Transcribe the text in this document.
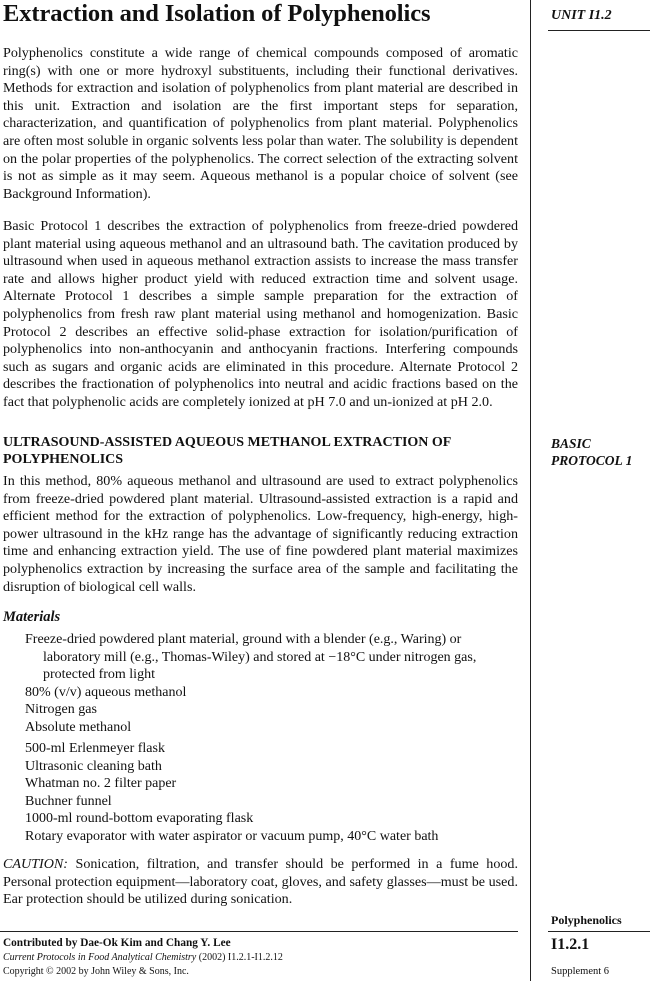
Extraction and Isolation of Polyphenolics

Polyphenolics constitute a wide range of chemical compounds composed of aromatic ring(s) with one or more hydroxyl substituents, including their functional derivatives. Methods for extraction and isolation of polyphenolics from plant material are described in this unit. Extraction and isolation are the first important steps for separation, characterization, and quantification of polyphenolics from plant material. Polyphenolics are often most soluble in organic solvents less polar than water. The solubility is dependent on the polar properties of the polyphenolics. The correct selection of the extracting solvent is not as simple as it may seem. Aqueous methanol is a popular choice of solvent (see Background Information).

Basic Protocol 1 describes the extraction of polyphenolics from freeze-dried powdered plant material using aqueous methanol and an ultrasound bath. The cavitation produced by ultrasound when used in aqueous methanol extraction assists to increase the mass transfer rate and allows higher product yield with reduced extraction time and solvent usage. Alternate Protocol 1 describes a simple sample preparation for the extraction of polyphenolics from fresh raw plant material using methanol and homogenization. Basic Protocol 2 describes an effective solid-phase extraction for isolation/purification of polyphenolics into non-anthocyanin and anthocyanin fractions. Interfering compounds such as sugars and organic acids are eliminated in this procedure. Alternate Protocol 2 describes the fractionation of polyphenolics into neutral and acidic fractions based on the fact that polyphenolic acids are completely ionized at pH 7.0 and un-ionized at pH 2.0.

ULTRASOUND-ASSISTED AQUEOUS METHANOL EXTRACTION OF POLYPHENOLICS

In this method, 80% aqueous methanol and ultrasound are used to extract polyphenolics from freeze-dried powdered plant material. Ultrasound-assisted extraction is a rapid and efficient method for the extraction of polyphenolics. Low-frequency, high-energy, high-power ultrasound in the kHz range has the advantage of significantly reducing extraction time and enhancing extraction yield. The use of fine powdered plant material maximizes polyphenolics extraction by increasing the surface area of the sample and facilitating the disruption of biological cell walls.

Materials
Freeze-dried powdered plant material, ground with a blender (e.g., Waring) or laboratory mill (e.g., Thomas-Wiley) and stored at −18°C under nitrogen gas, protected from light
80% (v/v) aqueous methanol
Nitrogen gas
Absolute methanol
500-ml Erlenmeyer flask
Ultrasonic cleaning bath
Whatman no. 2 filter paper
Buchner funnel
1000-ml round-bottom evaporating flask
Rotary evaporator with water aspirator or vacuum pump, 40°C water bath

CAUTION: Sonication, filtration, and transfer should be performed in a fume hood. Personal protection equipment—laboratory coat, gloves, and safety glasses—must be used. Ear protection should be utilized during sonication.

Contributed by Dae-Ok Kim and Chang Y. Lee
Current Protocols in Food Analytical Chemistry (2002) I1.2.1-I1.2.12
Copyright © 2002 by John Wiley & Sons, Inc.
UNIT I1.2
BASIC
PROTOCOL 1
Polyphenolics
I1.2.1
Supplement 6
